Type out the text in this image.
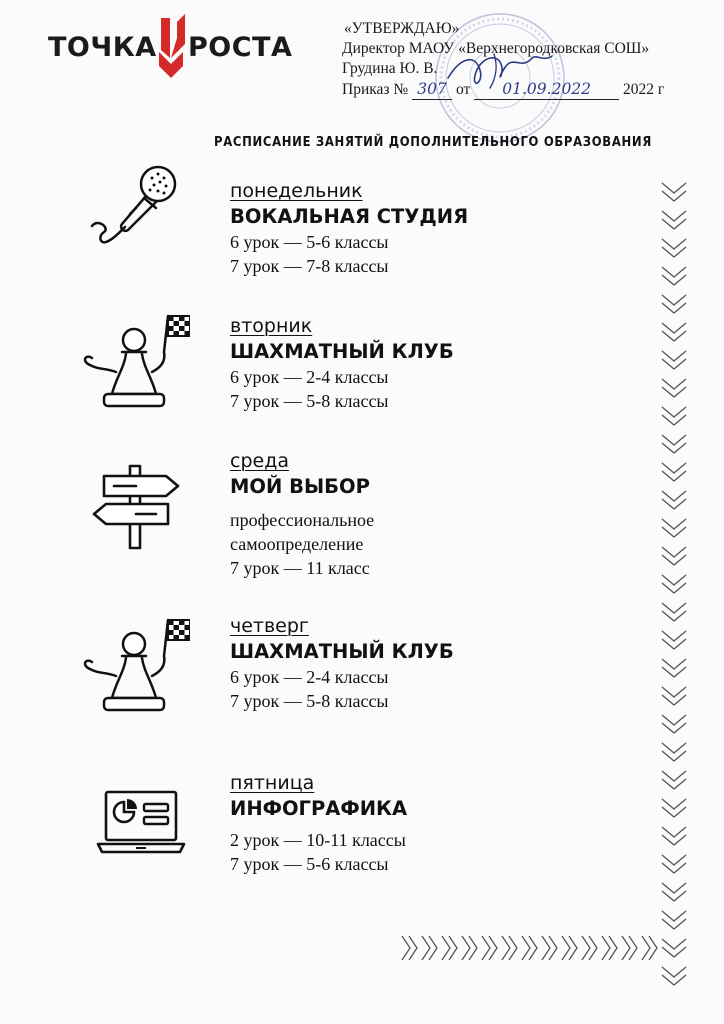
ТОЧКА РОСТА
«УТВЕРЖДАЮ»
Директор МАОУ «Верхнегородковская СОШ»
Грудина Ю. В.
Приказ № 307 от 01.09.2022 2022 г
РАСПИСАНИЕ ЗАНЯТИЙ ДОПОЛНИТЕЛЬНОГО ОБРАЗОВАНИЯ
понедельник
ВОКАЛЬНАЯ СТУДИЯ
6 урок — 5-6 классы
7 урок — 7-8 классы
вторник
ШАХМАТНЫЙ КЛУБ
6 урок — 2-4 классы
7 урок — 5-8 классы
среда
МОЙ ВЫБОР
профессиональное
самоопределение
7 урок — 11 класс
четверг
ШАХМАТНЫЙ КЛУБ
6 урок — 2-4 классы
7 урок — 5-8 классы
пятница
ИНФОГРАФИКА
2 урок — 10-11 классы
7 урок — 5-6 классы
